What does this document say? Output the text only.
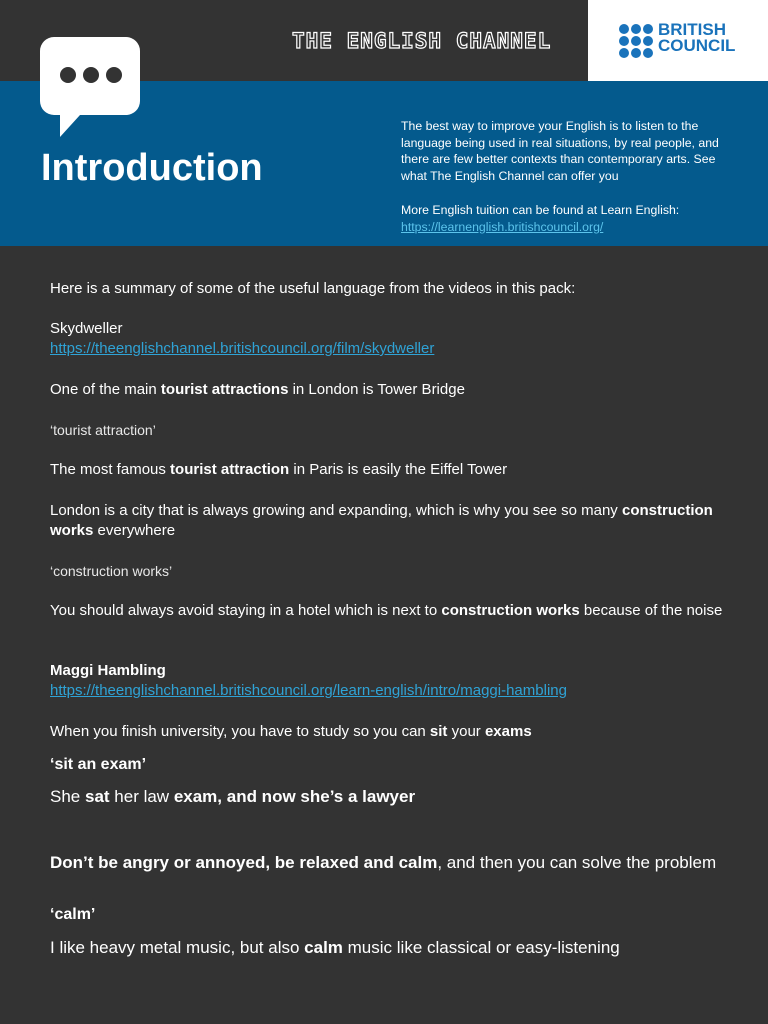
THE ENGLISH CHANNEL	BRITISH
COUNCIL
Introduction

The best way to improve your English is to listen to the language being used in real situations, by real people, and there are few better contexts than contemporary arts. See what The English Channel can offer you

More English tuition can be found at Learn English:

https://learnenglish.britishcouncil.org/

Here is a summary of some of the useful language from the videos in this pack:
Skydweller
https://theenglishchannel.britishcouncil.org/film/skydweller
One of the main tourist attractions in London is Tower Bridge
‘tourist attraction’
The most famous tourist attraction in Paris is easily the Eiffel Tower
London is a city that is always growing and expanding, which is why you see so many construction works everywhere
‘construction works’
You should always avoid staying in a hotel which is next to construction works because of the noise
Maggi Hambling
https://theenglishchannel.britishcouncil.org/learn-english/intro/maggi-hambling
When you finish university, you have to study so you can sit your exams
‘sit an exam’
She sat her law exam, and now she’s a lawyer
Don’t be angry or annoyed, be relaxed and calm, and then you can solve the problem
‘calm’
I like heavy metal music, but also calm music like classical or easy-listening
